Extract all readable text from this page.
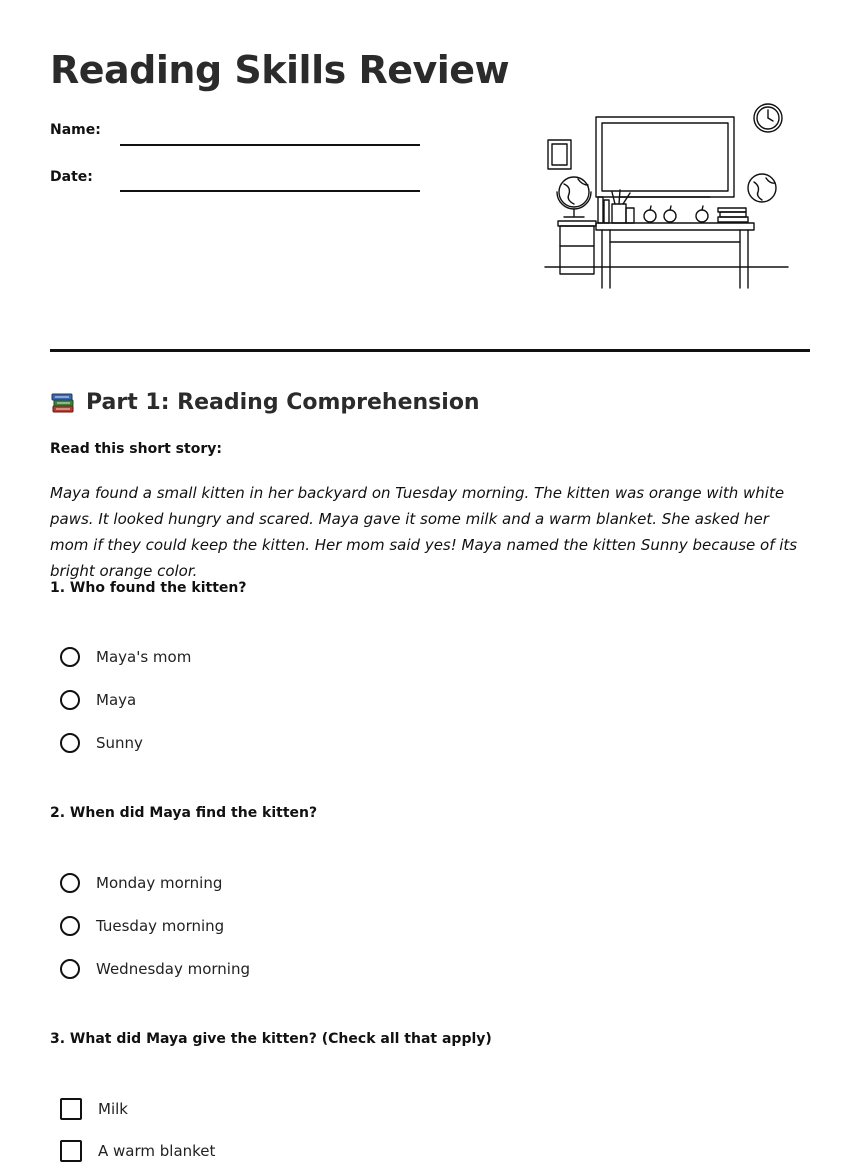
Reading Skills Review
Name:
Date:
Part 1: Reading Comprehension
Read this short story:

Maya found a small kitten in her backyard on Tuesday morning. The kitten was orange with white paws. It looked hungry and scared. Maya gave it some milk and a warm blanket. She asked her mom if they could keep the kitten. Her mom said yes! Maya named the kitten Sunny because of its bright orange color.

1. Who found the kitten?
Maya's mom
Maya
Sunny
2. When did Maya find the kitten?
Monday morning
Tuesday morning
Wednesday morning
3. What did Maya give the kitten? (Check all that apply)
Milk
A warm blanket
